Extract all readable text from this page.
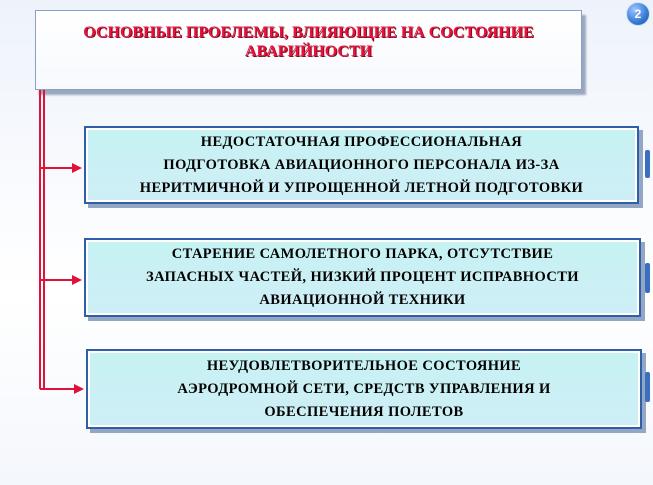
2
ОСНОВНЫЕ ПРОБЛЕМЫ, ВЛИЯЮЩИЕ НА СОСТОЯНИЕ
АВАРИЙНОСТИ
НЕДОСТАТОЧНАЯ ПРОФЕССИОНАЛЬНАЯ
ПОДГОТОВКА АВИАЦИОННОГО ПЕРСОНАЛА ИЗ-ЗА
НЕРИТМИЧНОЙ И УПРОЩЕННОЙ ЛЕТНОЙ ПОДГОТОВКИ
СТАРЕНИЕ САМОЛЕТНОГО ПАРКА, ОТСУТСТВИЕ
ЗАПАСНЫХ ЧАСТЕЙ, НИЗКИЙ ПРОЦЕНТ ИСПРАВНОСТИ
АВИАЦИОННОЙ ТЕХНИКИ
НЕУДОВЛЕТВОРИТЕЛЬНОЕ СОСТОЯНИЕ
АЭРОДРОМНОЙ СЕТИ, СРЕДСТВ УПРАВЛЕНИЯ И
ОБЕСПЕЧЕНИЯ ПОЛЕТОВ
